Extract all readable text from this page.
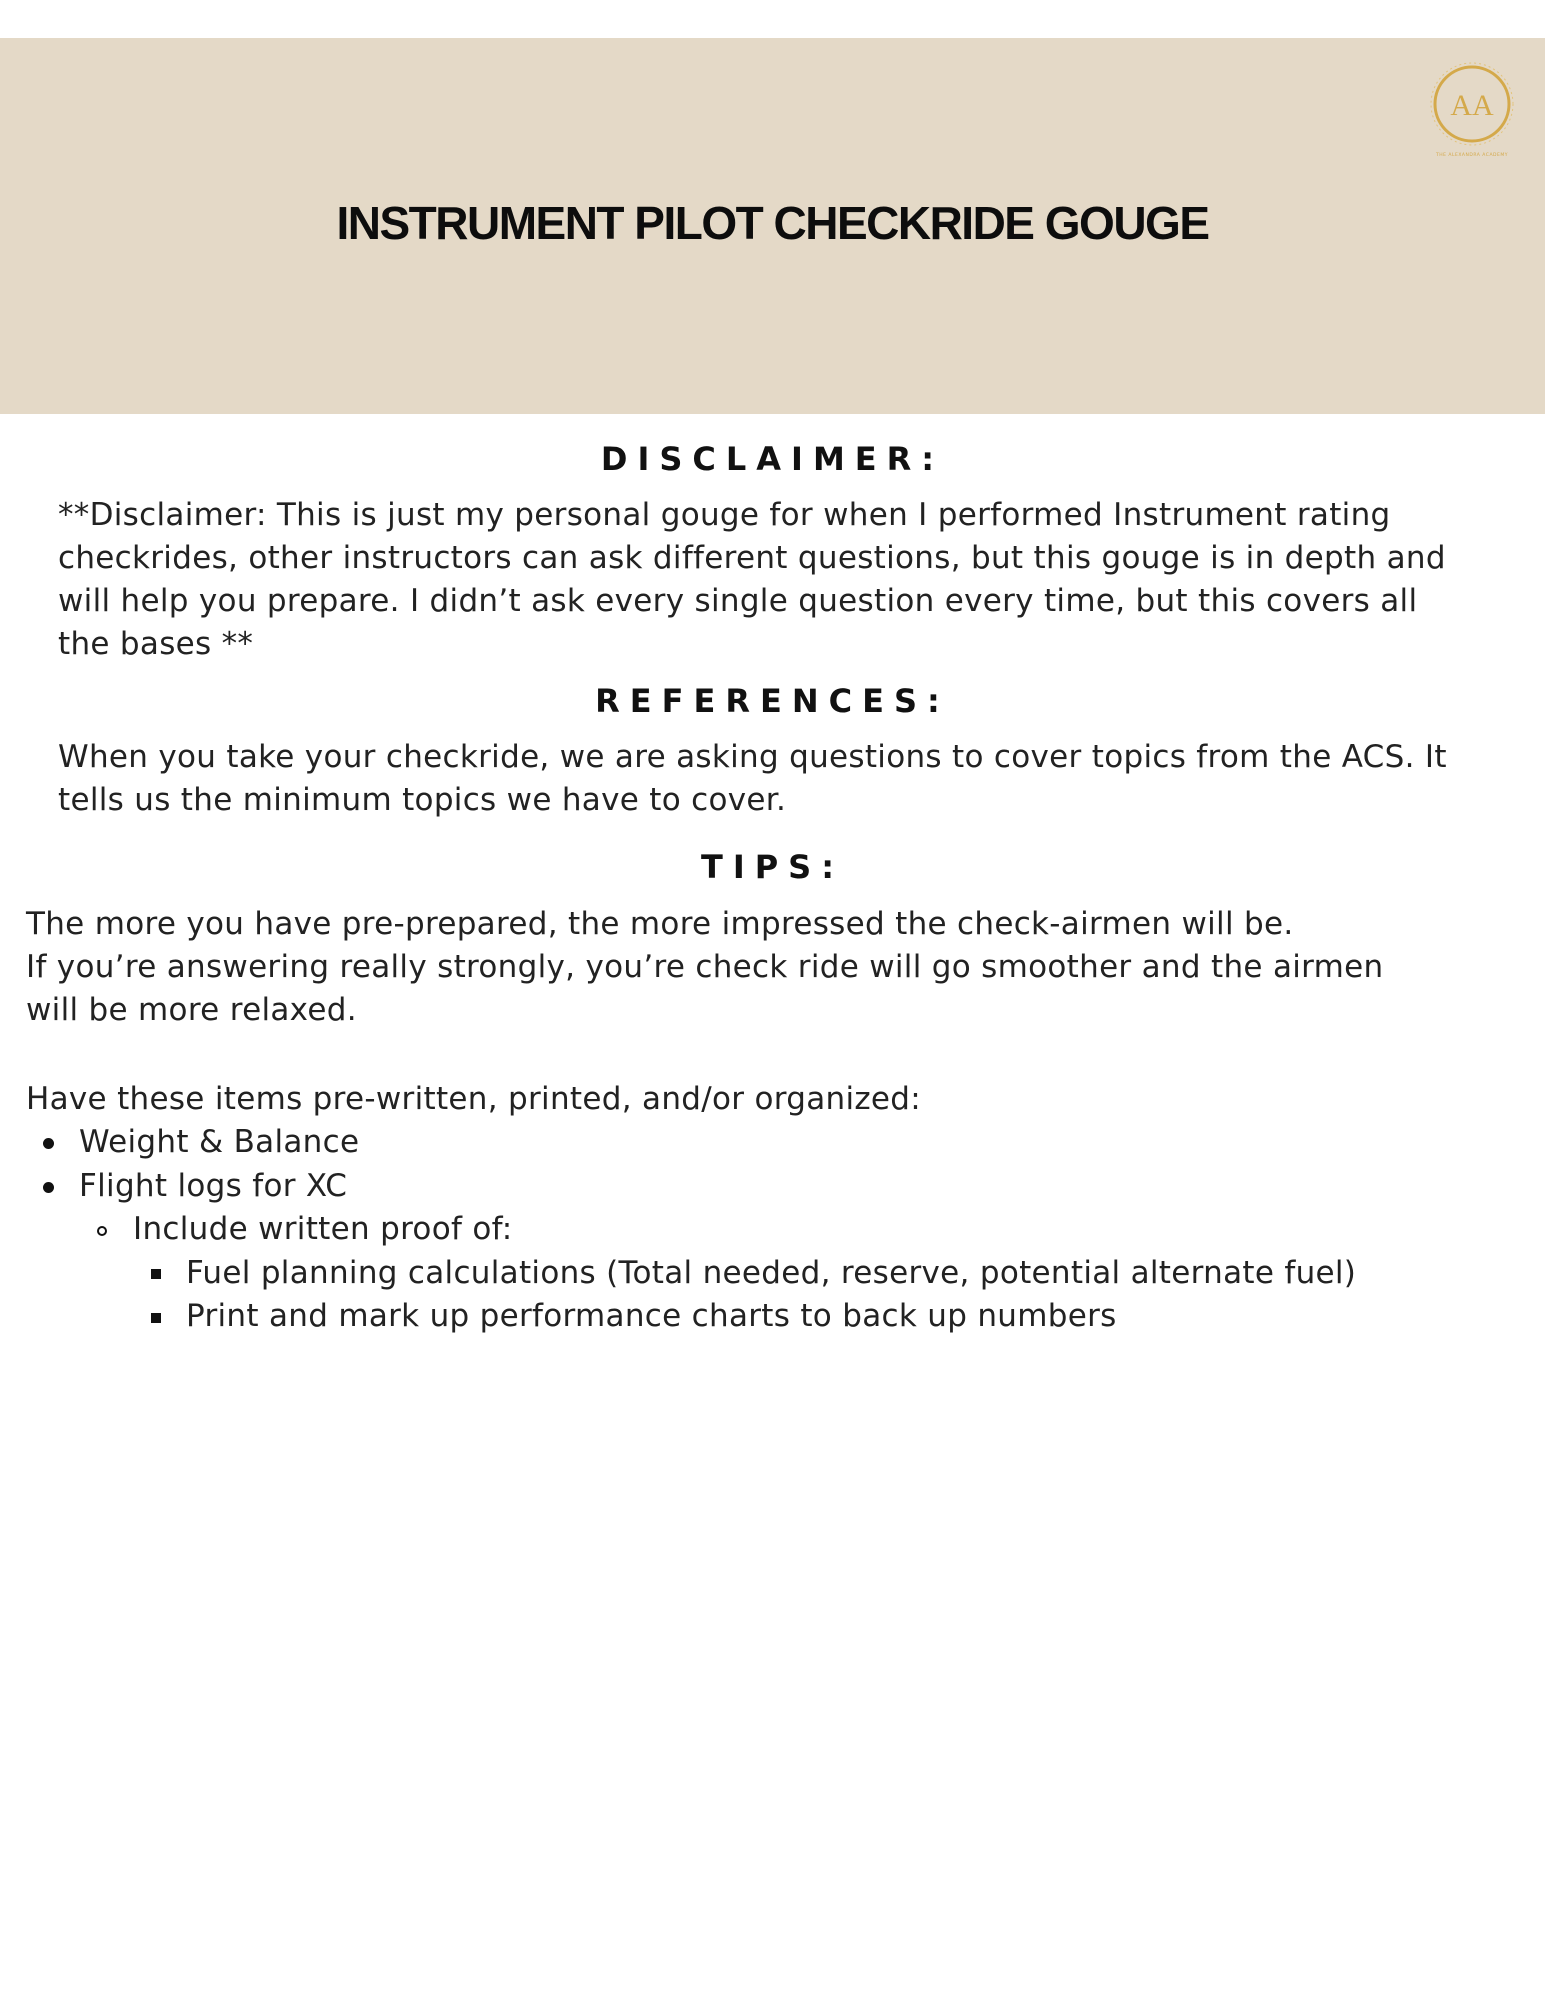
AA
THE ALEXANDRA ACADEMY
INSTRUMENT PILOT CHECKRIDE GOUGE
DISCLAIMER:

**Disclaimer: This is just my personal gouge for when I performed Instrument rating

checkrides, other instructors can ask different questions, but this gouge is in depth and

will help you prepare. I didn’t ask every single question every time, but this covers all

the bases **

REFERENCES:

When you take your checkride, we are asking questions to cover topics from the ACS. It

tells us the minimum topics we have to cover.

TIPS:

The more you have pre-prepared, the more impressed the check-airmen will be.

If you’re answering really strongly, you’re check ride will go smoother and the airmen

will be more relaxed.

Have these items pre-written, printed, and/or organized:

Weight & Balance

Flight logs for XC

Include written proof of:

Fuel planning calculations (Total needed, reserve, potential alternate fuel)

Print and mark up performance charts to back up numbers
